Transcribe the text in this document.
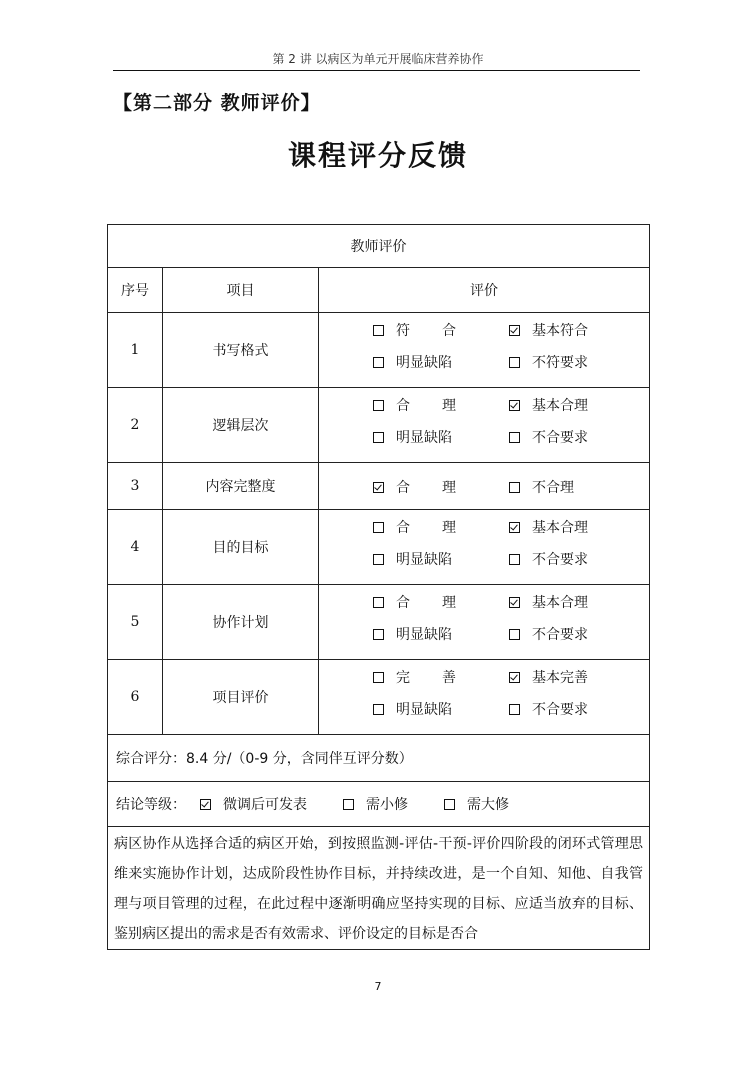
第 2 讲 以病区为单元开展临床营养协作
【第二部分 教师评价】
课程评分反馈
教师评价		
序号	项目	评价
1	书写格式	符合 基本符合
明显缺陷 不符要求

2	逻辑层次	合理 基本合理
明显缺陷 不合要求

3	内容完整度	合理 不合理

4	目的目标	合理 基本合理
明显缺陷 不合要求

5	协作计划	合理 基本合理
明显缺陷 不合要求

6	项目评价	完善 基本完善
明显缺陷 不合要求

综合评分：8.4 分/（0-9 分，含同伴互评分数）		

结论等级： 微调后可发表 需小修 需大修		

病区协作从选择合适的病区开始，到按照监测-评估-干预-评价四阶段的闭环式管理思维来实施协作计划，达成阶段性协作目标，并持续改进，是一个自知、知他、自我管理与项目管理的过程，在此过程中逐渐明确应坚持实现的目标、应适当放弃的目标、鉴别病区提出的需求是否有效需求、评价设定的目标是否合		
7
